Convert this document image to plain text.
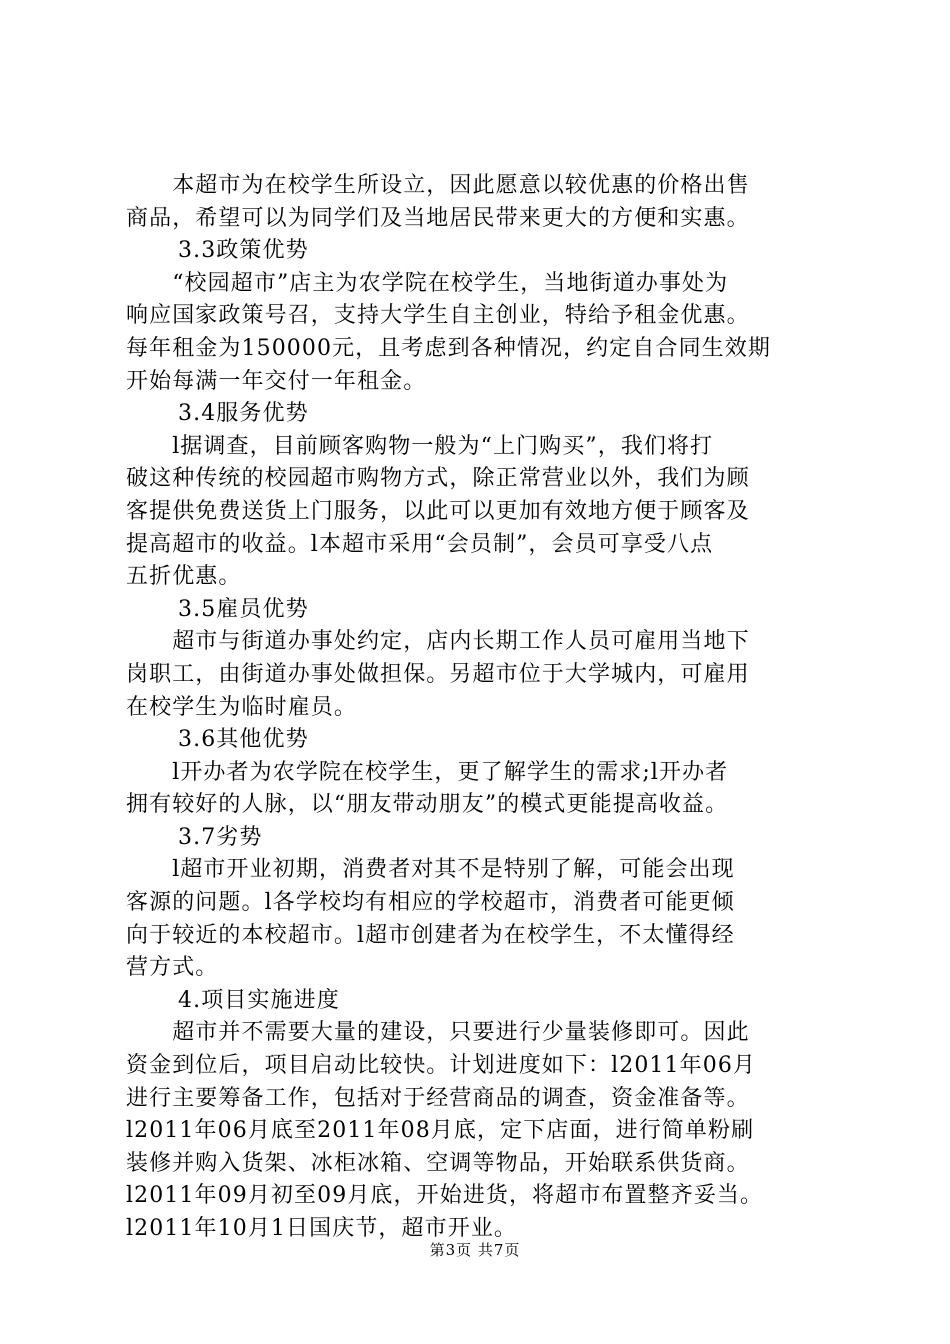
　　本超市为在校学生所设立，因此愿意以较优惠的价格出售
商品，希望可以为同学们及当地居民带来更大的方便和实惠。
3.3政策优势
　　“校园超市”店主为农学院在校学生，当地街道办事处为
响应国家政策号召，支持大学生自主创业，特给予租金优惠。
每年租金为150000元，且考虑到各种情况，约定自合同生效期
开始每满一年交付一年租金。
3.4服务优势
　　l据调查，目前顾客购物一般为“上门购买”，我们将打
破这种传统的校园超市购物方式，除正常营业以外，我们为顾
客提供免费送货上门服务，以此可以更加有效地方便于顾客及
提高超市的收益。l本超市采用“会员制”，会员可享受八点
五折优惠。
3.5雇员优势
　　超市与街道办事处约定，店内长期工作人员可雇用当地下
岗职工，由街道办事处做担保。另超市位于大学城内，可雇用
在校学生为临时雇员。
3.6其他优势
　　l开办者为农学院在校学生，更了解学生的需求;l开办者
拥有较好的人脉，以“朋友带动朋友”的模式更能提高收益。
3.7劣势
　　l超市开业初期，消费者对其不是特别了解，可能会出现
客源的问题。l各学校均有相应的学校超市，消费者可能更倾
向于较近的本校超市。l超市创建者为在校学生，不太懂得经
营方式。
4.项目实施进度
　　超市并不需要大量的建设，只要进行少量装修即可。因此
资金到位后，项目启动比较快。计划进度如下：l2011年06月
进行主要筹备工作，包括对于经营商品的调查，资金准备等。
l2011年06月底至2011年08月底，定下店面，进行简单粉刷
装修并购入货架、冰柜冰箱、空调等物品，开始联系供货商。
l2011年09月初至09月底，开始进货，将超市布置整齐妥当。
l2011年10月1日国庆节，超市开业。
第3页 共7页
